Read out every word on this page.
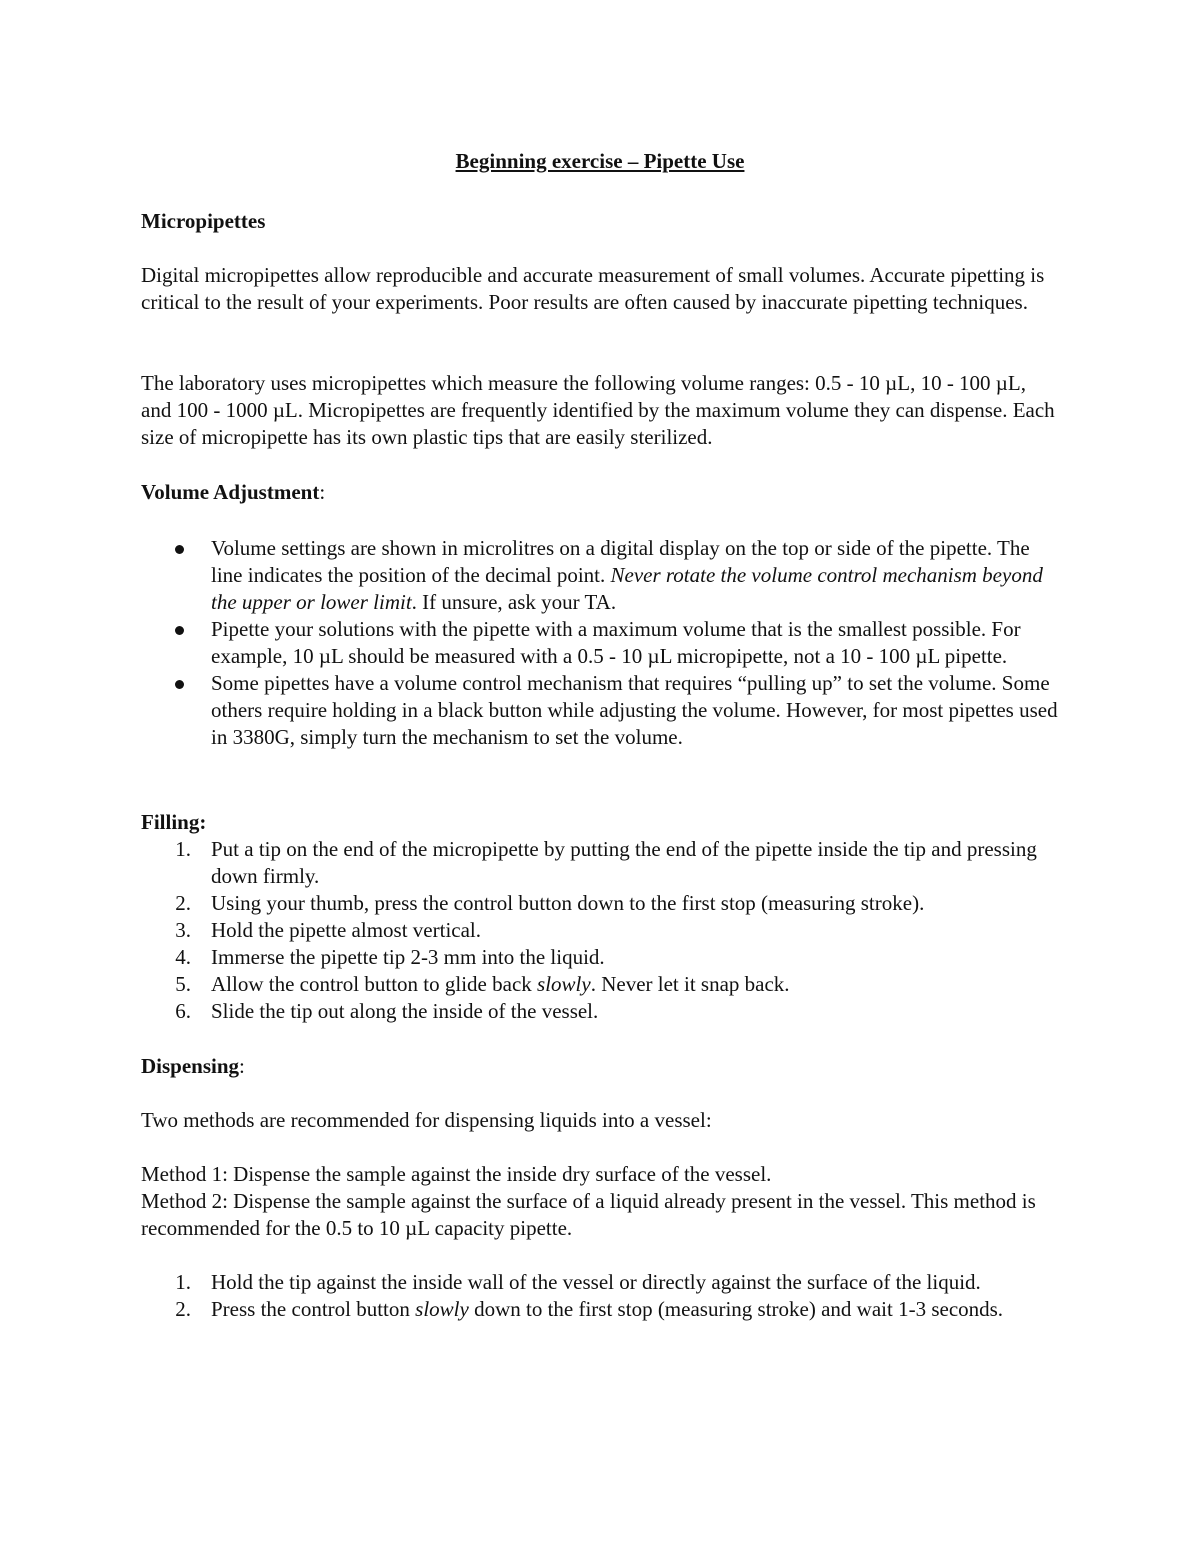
Beginning exercise – Pipette Use

Micropipettes

Digital micropipettes allow reproducible and accurate measurement of small volumes. Accurate pipetting is critical to the result of your experiments. Poor results are often caused by inaccurate pipetting techniques.

The laboratory uses micropipettes which measure the following volume ranges: 0.5 - 10 µL, 10 - 100 µL, and 100 - 1000 µL. Micropipettes are frequently identified by the maximum volume they can dispense. Each size of micropipette has its own plastic tips that are easily sterilized.

Volume Adjustment:

Volume settings are shown in microlitres on a digital display on the top or side of the pipette. The line indicates the position of the decimal point. Never rotate the volume control mechanism beyond the upper or lower limit. If unsure, ask your TA.
Pipette your solutions with the pipette with a maximum volume that is the smallest possible. For example, 10 µL should be measured with a 0.5 - 10 µL micropipette, not a 10 - 100 µL pipette.
Some pipettes have a volume control mechanism that requires “pulling up” to set the volume. Some others require holding in a black button while adjusting the volume. However, for most pipettes used in 3380G, simply turn the mechanism to set the volume.

Filling:

1. Put a tip on the end of the micropipette by putting the end of the pipette inside the tip and pressing down firmly.
2. Using your thumb, press the control button down to the first stop (measuring stroke).
3. Hold the pipette almost vertical.
4. Immerse the pipette tip 2-3 mm into the liquid.
5. Allow the control button to glide back slowly. Never let it snap back.
6. Slide the tip out along the inside of the vessel.

Dispensing:

Two methods are recommended for dispensing liquids into a vessel:

Method 1: Dispense the sample against the inside dry surface of the vessel.

Method 2: Dispense the sample against the surface of a liquid already present in the vessel. This method is recommended for the 0.5 to 10 µL capacity pipette.

1. Hold the tip against the inside wall of the vessel or directly against the surface of the liquid.
2. Press the control button slowly down to the first stop (measuring stroke) and wait 1-3 seconds.
